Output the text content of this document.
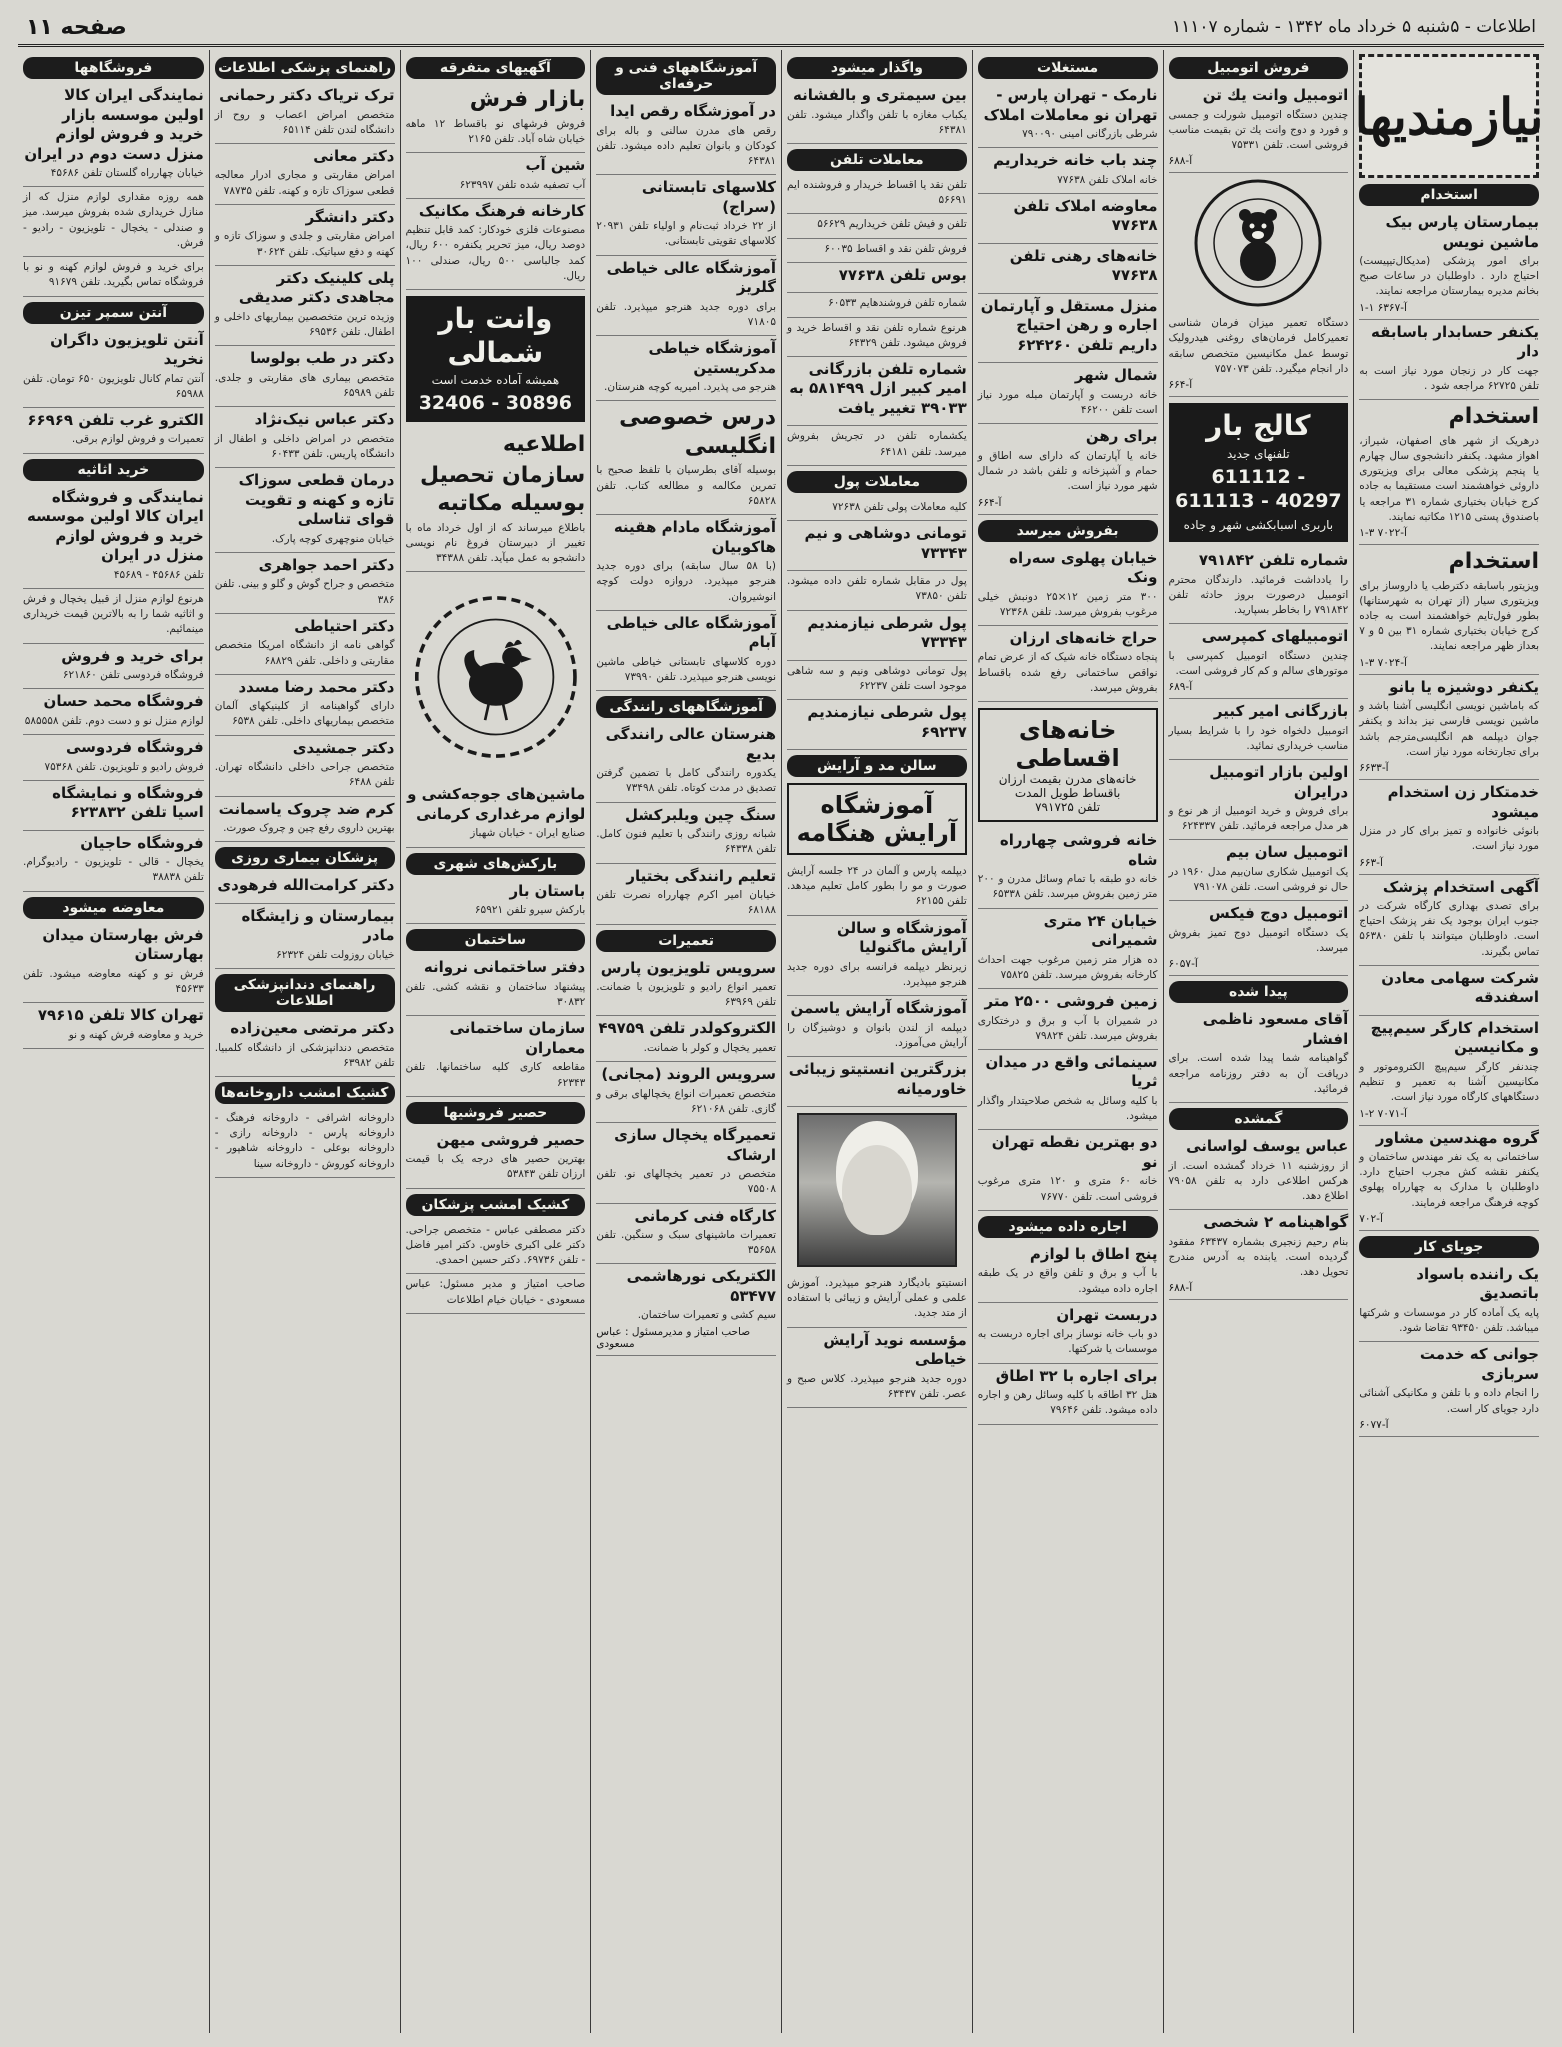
صفحه ۱۱	اطلاعات - ۵شنبه ۵ خرداد ماه ۱۳۴۲ - شماره ۱۱۱۰۷
نیازمندیها
استخدام
بیمارستان پارس بیک ماشین نویس

برای امور پزشکی (مدیکال‌تیپیست) احتیاج دارد . داوطلبان در ساعات صبح بخانم مدیره بیمارستان مراجعه نمایند.

۱-۱ آ-۶۳۶۷
یکنفر حسابدار باسابقه دار

جهت کار در زنجان مورد نیاز است به تلفن ۶۲۷۲۵ مراجعه شود .

استخدام

درهریک از شهر های اصفهان، شیراز، اهواز مشهد. یکنفر دانشجوی سال چهارم یا پنجم پزشکی معالی برای ویزیتوری دارو‌ئی خواهشمند است مستقیما به جاده کرج خیابان بختیاری شماره ۳۱ مراجعه یا باصندوق پستی ۱۲۱۵ مکاتبه نمایند.

۱-۳ آ-۷۰۲۲
استخدام

ویزیتور باسابقه دکترطب یا داروساز برای ویزیتوری سیار (از تهران به شهرستانها) بطور فول‌تایم خواهشمند است به جاده کرج خیابان بختیاری شماره ۳۱ بین ۵ و ۷ بعداز ظهر مراجعه نمایند.

۱-۳ آ-۷۰۲۴
یکنفر دوشیزه یا بانو

که باماشین نویسی انگلیسی آشنا باشد و ماشین نویسی فارسی نیز بداند و یکنفر جوان دیپلمه هم انگلیسی‌مترجم باشد برای تجارتخانه مورد نیاز است.

آ-۶۶۳۳
خدمتکار زن استخدام میشود

بانوئی خانواده و تمیز برای کار در منزل مورد نیاز است.

آ-۶۶۳
آگهی استخدام پزشک

برای تصدی بهداری کارگاه شرکت در جنوب ایران بوجود یک نفر پزشک احتیاج است. داوطلبان میتوانند با تلفن ۵۶۳۸۰ تماس بگیرند.

شرکت سهامی معادن اسفندقه
استخدام کارگر سیم‌پیچ و مکانیسین

چندنفر کارگر سیم‌پیچ الکتروموتور و مکانیسین آشنا به تعمیر و تنظیم دستگاههای کارگاه مورد نیاز است.

۱-۲ آ-۷۰۷۱
گروه مهندسین مشاور

ساختمانی به یک نفر مهندس ساختمان و یکنفر نقشه کش مجرب احتیاج دارد. داوطلبان با مدارک به چهارراه پهلوی کوچه فرهنگ مراجعه فرمایند.

آ-۷۰۲
جویای کار
یک راننده باسواد با‌تصدیق

پایه یک آماده کار در موسسات و شرکتها میباشد. تلفن ۹۳۴۵۰ تقاضا شود.

جوانی که خدمت سربازی

را انجام داده و با تلفن و مکانیکی آشنائی دارد جویای کار است.

آ-۶۰۷۷
فروش اتومبیل
اتومبیل وانت یك تن

چندین دستگاه اتومبیل شورلت و جمسی و فورد و دوج وانت یك تن بقیمت مناسب فروشی است. تلفن ۷۵۳۳۱

آ-۶۸۸

دستگاه تعمیر میزان فرمان شناسی تعمیرکامل فرمان‌های روغنی هیدرولیک توسط عمل مکانیسین متخصص سابقه دار انجام میگیرد. تلفن ۷۵۷۰۷۳

آ-۶۶۴
کالج بار
تلفنهای جدید
611112 - 611113 - 40297
باربری اسبابکشی شهر و جاده
شماره تلفن ۷۹۱۸۴۲

را یادداشت فرمائید. دارندگان محترم اتومبیل درصورت بروز حادثه تلفن ۷۹۱۸۴۲ را بخاطر بسپارید.

اتومبیلهای کمپرسی

چندین دستگاه اتومبیل کمپرسی با موتور‌های سالم و کم کار فروشی است.

آ-۶۸۹
بازرگانی امیر کبیر

اتومبیل دلخواه خود را با شرایط بسیار مناسب خریداری نمائید.

اولین بازار اتومبیل درایران

برای فروش و خرید اتومبیل از هر نوع و هر مدل مراجعه فرمائید. تلفن ۶۲۴۳۳۷

اتومبیل سان بیم

یک اتومبیل شکاری سان‌بیم مدل ۱۹۶۰ در حال نو فروشی است. تلفن ۷۹۱۰۷۸

اتومبیل دوج فیکس

یک دستگاه اتومبیل دوج تمیز بفروش میرسد.

آ-۶۰۵۷
پیدا شده
آقای مسعود ناظمی افشار

گواهینامه شما پیدا شده است. برای دریافت آن به دفتر روزنامه مراجعه فرمائید.

گمشده
عباس یوسف لواسانی

از روزشنبه ۱۱ خرداد گمشده است. از هرکس اطلاعی دارد به تلفن ۷۹۰۵۸ اطلاع دهد.

گواهینامه ۲ شخصی

بنام رحیم زنجیری بشماره ۶۳۴۳۷ مفقود گردیده است. یابنده به آدرس مندرج تحویل دهد.

آ-۶۸۸
مستغلات
نارمک - تهران پارس - تهران نو معاملات املاک

شرطی بازرگانی امینی ۷۹۰۰۹۰

چند باب خانه خریداریم

خانه املاک تلفن ۷۷۶۳۸

معاوضه املاک تلفن ۷۷۶۳۸
خانه‌های رهنی تلفن ۷۷۶۳۸
منزل مستقل و آپارتمان اجاره و رهن احتیاج داریم تلفن ۶۲۴۲۶۰
شمال شهر

خانه دربست و آپارتمان مبله مورد نیاز است تلفن ۴۶۲۰۰

برای رهن

خانه یا آپارتمان که دارای سه اطاق و حمام و آشپزخانه و تلفن باشد در شمال شهر مورد نیاز است.

آ-۶۶۴
بفروش میرسد
خیابان پهلوی سه‌راه ونک

۳۰۰ متر زمین ۱۲×۲۵ دونبش خیلی مرغوب بفروش میرسد. تلفن ۷۲۳۶۸

حراج خانه‌های ارزان

پنجاه دستگاه خانه شیک که از عرض تمام نواقص ساختمانی رفع شده باقساط بفروش میرسد.

خانه‌های اقساطی
خانه‌های مدرن بقیمت ارزان باقساط طویل المدت
تلفن ۷۹۱۷۲۵
خانه فروشی چهارراه شاه

خانه دو طبقه با تمام وسائل مدرن و ۲۰۰ متر زمین بفروش میرسد. تلفن ۶۵۳۳۸

خیابان ۲۴ متری شمیرانی

ده هزار متر زمین مرغوب جهت احداث کارخانه بفروش میرسد. تلفن ۷۵۸۲۵

زمین فروشی ۲۵۰۰ متر

در شمیران با آب و برق و درختکاری بفروش میرسد. تلفن ۷۹۸۲۴

سینمائی واقع در میدان ثریا

با کلیه وسائل به شخص صلاحیتدار واگذار میشود.

دو بهترین نقطه تهران نو

خانه ۶۰ متری و ۱۲۰ متری مرغوب فروشی است. تلفن ۷۶۷۷۰

اجاره داده میشود
پنج اطاق با لوازم

با آب و برق و تلفن واقع در یک طبقه اجاره داده میشود.

دربست تهران

دو باب خانه نوساز برای اجاره دربست به موسسات یا شرکتها.

برای اجاره با ۳۲ اطاق

هتل ۳۲ اطاقه با کلیه وسائل رهن و اجاره داده میشود. تلفن ۷۹۶۴۶

واگذار میشود
بین سیمتری و بالفشانه

یکباب مغازه با تلفن واگذار میشود. تلفن ۶۴۳۸۱

معاملات تلفن

تلفن نقد یا اقساط خریدار و فروشنده ایم ۵۶۶۹۱

تلفن و فیش تلفن خریداریم ۵۶۶۲۹

فروش تلفن نقد و اقساط ۶۰۰۳۵

بوس تلفن ۷۷۶۳۸

شماره تلفن فروشندهایم ۶۰۵۳۳

هرنوع شماره تلفن نقد و اقساط خرید و فروش میشود. تلفن ۶۴۳۲۹

شماره تلفن بازرگانی امیر کبیر ازل ۵۸۱۴۹۹ به ۳۹۰۳۳ تغییر یافت

یکشماره تلفن در تجریش بفروش میرسد. تلفن ۶۴۱۸۱

معاملات پول

کلیه معاملات پولی تلفن ۷۲۶۳۸

تومانی دوشاهی و نیم ۷۳۳۴۳

پول در مقابل شماره تلفن داده میشود. تلفن ۷۳۸۵۰

پول شرطی نیازمندیم ۷۳۳۴۳

پول تومانی دوشاهی ونیم و سه شاهی موجود است تلفن ۶۲۲۳۷

پول شرطی نیازمندیم ۶۹۲۳۷
سالن مد و آرایش
آموزشگاه آرایش هنگامه

دیپلمه پارس و آلمان در ۲۴ جلسه آرایش صورت و مو را بطور کامل تعلیم میدهد. تلفن ۶۲۱۵۵

آموزشگاه و سالن آرایش ماگنولیا

زیرنظر دیپلمه فرانسه برای دوره جدید هنرجو میپذیرد.

آموزشگاه آرایش یاسمن

دیپلمه از لندن بانوان و دوشیزگان را آرایش می‌آموزد.

بزرگترین انستیتو زیبائی خاورمیانه

انستیتو بادیگارد هنرجو میپذیرد. آموزش علمی و عملی آرایش و زیبائی با استفاده از متد جدید.

مؤسسه نوید آرایش خیاطی

دوره جدید هنرجو میپذیرد. کلاس صبح و عصر. تلفن ۶۳۴۳۷

آموزشگاههای فنی و حرفه‌ای
در آموزشگاه رقص ایدا

رقص های مدرن سالنی و باله برای کودکان و بانوان تعلیم داده میشود. تلفن ۶۴۳۸۱

کلاسهای تابستانی (سراج)

از ۲۲ خرداد ثبت‌نام و اولیاء تلفن ۲۰۹۳۱ کلاسهای تقویتی تابستانی.

آموزشگاه عالی خیاطی گلریز

برای دوره جدید هنرجو میپذیرد. تلفن ۷۱۸۰۵

آموزشگاه خیاطی مدکریستین

هنرجو می پذیرد. امیریه کوچه هنرستان.

درس خصوصی انگلیسی

بوسیله آقای بطرسیان با تلفظ صحیح با تمرین مکالمه و مطالعه کتاب. تلفن ۶۵۸۲۸

آموزشگاه مادام هقینه هاکوبیان

(با ۵۸ سال سابقه) برای دوره جدید هنرجو میپذیرد. دروازه دولت کوچه انوشیروان.

آموزشگاه عالی خیاطی آبام

دوره کلاسهای تابستانی خیاطی ماشین نویسی هنرجو میپذیرد. تلفن ۷۳۹۹۰

آموزشگاههای رانندگی
هنرستان عالی رانندگی بدیع

یکدوره رانندگی کامل با تضمین گرفتن تصدیق در مدت کوتاه. تلفن ۷۳۴۹۸

سنگ چین ویلبرکشل

شبانه روزی رانندگی با تعلیم فنون کامل. تلفن ۶۴۳۳۸

تعلیم رانندگی بختیار

خیابان امیر اکرم چهارراه نصرت تلفن ۶۸۱۸۸

تعمیرات
سرویس تلویزیون پارس

تعمیر انواع رادیو و تلویزیون با ضمانت. تلفن ۶۳۹۶۹

الکتروکولدر تلفن ۴۹۷۵۹

تعمیر یخچال و کولر با ضمانت.

سرویس الروند (مجانی)

متخصص تعمیرات انواع یخچالهای برقی و گازی. تلفن ۶۲۱۰۶۸

تعمیرگاه یخچال سازی ارشاک

متخصص در تعمیر یخچالهای نو. تلفن ۷۵۵۰۸

کارگاه فنی کرمانی

تعمیرات ماشینهای سبک و سنگین. تلفن ۳۵۶۵۸

الکتریکی نورهاشمی ۵۳۴۷۷

سیم کشی و تعمیرات ساختمان.

صاحب امتیاز و مدیرمسئول : عباس مسعودی
آگهیهای متفرقه
بازار فرش

فروش فرشهای نو باقساط ۱۲ ماهه خیابان شاه آباد. تلفن ۲۱۶۵

شین آب

آب تصفیه شده تلفن ۶۲۳۹۹۷

کارخانه فرهنگ مکانیک

مصنوعات فلزی خودکار: کمد قابل تنظیم دوصد ریال، میز تحریر یکنفره ۶۰۰ ریال، کمد جالباسی ۵۰۰ ریال، صندلی ۱۰۰ ریال.

وانت بار شمالی
همیشه آماده خدمت است
32406 - 30896
اطلاعیه
سازمان تحصیل بوسیله مکاتبه

باطلاع میرساند که از اول خرداد ماه با تغییر از دبیرستان فروغ نام نویسی دانشجو به عمل میآید. تلفن ۳۴۳۸۸

ماشین‌های جوجه‌کشی و لوازم مرغداری کرمانی

صنایع ایران - خیابان شهباز

بارکش‌های شهری
باستان بار

بارکش سیرو تلفن ۶۵۹۲۱

ساختمان
دفتر ساختمانی نروانه

پیشنهاد ساختمان و نقشه کشی. تلفن ۳۰۸۳۲

سازمان ساختمانی معماران

مقاطعه کاری کلیه ساختمانها. تلفن ۶۲۳۴۳

حصیر فروشیها
حصیر فروشی میهن

بهترین حصیر های درجه یک با قیمت ارزان تلفن ۵۳۸۴۳

کشیک امشب پزشکان

دکتر مصطفی عباس - متخصص جراحی. دکتر علی اکبری خاوس. دکتر امیر فاضل - تلفن ۶۹۷۳۶. دکتر حسین احمدی.

صاحب امتیاز و مدیر مسئول: عباس مسعودی - خیابان خیام اطلاعات

راهنمای پزشکی اطلاعات
ترک تریاک دکتر رحمانی

متخصص امراض اعصاب و روح از دانشگاه لندن تلفن ۶۵۱۱۴

دکتر معانی

امراض مقاربتی و مجاری ادرار معالجه قطعی سوزاک تازه و کهنه. تلفن ۷۸۷۳۵

دکتر دانشگر

امراض مقاربتی و جلدی و سوزاک تازه و کهنه و دفع سیاتیک. تلفن ۳۰۶۲۴

پلی کلینیک دکتر مجاهدی دکتر صدیقی

وزیده ترین متخصصین بیماریهای داخلی و اطفال. تلفن ۶۹۵۳۶

دکتر در طب بولوسا

متخصص بیماری های مقاربتی و جلدی. تلفن ۶۵۹۸۹

دکتر عباس نیک‌نژاد

متخصص در امراض داخلی و اطفال از دانشگاه پاریس. تلفن ۶۰۴۳۳

درمان قطعی سوزاک تازه و کهنه و تقویت قوای تناسلی

خیابان منوچهری کوچه پارک.

دکتر احمد جواهری

متخصص و جراح گوش و گلو و بینی. تلفن ۳۸۶

دکتر احتیاطی

گواهی نامه از دانشگاه امریکا متخصص مقاربتی و داخلی. تلفن ۶۸۸۲۹

دکتر محمد رضا مسدد

دارای گواهینامه از کلینیکهای آلمان متخصص بیماریهای داخلی. تلفن ۶۵۳۸

دکتر جمشیدی

متخصص جراحی داخلی دانشگاه تهران. تلفن ۶۴۸۸

کرم ضد چروک یاسمانت

بهترین داروی رفع چین و چروک صورت.

پزشکان بیماری روزی
دکتر کرامت‌الله فرهودی
بیمارستان و زایشگاه مادر

خیابان روزولت تلفن ۶۲۳۲۴

راهنمای دندانپزشکی اطلاعات
دکتر مرتضی معین‌زاده

متخصص دندانپزشکی از دانشگاه کلمبیا. تلفن ۶۳۹۸۲

کشیک امشب داروخانه‌ها

داروخانه اشرافی - داروخانه فرهنگ - داروخانه پارس - داروخانه رازی - داروخانه بوعلی - داروخانه شاهپور - داروخانه کوروش - داروخانه سینا

فروشگاهها
نمایندگی ایران کالا اولین موسسه بازار خرید و فروش لوازم منزل دست دوم در ایران

خیابان چهارراه گلستان تلفن ۴۵۶۸۶

همه روزه مقداری لوازم منزل که از منازل خریداری شده بفروش میرسد. میز و صندلی - یخچال - تلویزیون - رادیو - فرش.

برای خرید و فروش لوازم کهنه و نو با فروشگاه تماس بگیرید. تلفن ۹۱۶۷۹

آنتن سمپر تیزن
آنتن تلویزیون داگران نخرید

آنتن تمام کانال تلویزیون ۶۵۰ تومان. تلفن ۶۵۹۸۸

الکترو غرب تلفن ۶۶۹۶۹

تعمیرات و فروش لوازم برقی.

خرید اثاثیه
نمایندگی و فروشگاه ایران کالا اولین موسسه خرید و فروش لوازم منزل در ایران

تلفن ۴۵۶۸۶ - ۴۵۶۸۹

هرنوع لوازم منزل از قبیل یخچال و فرش و اثاثیه شما را به بالاترین قیمت خریداری مینمائیم.

برای خرید و فروش

فروشگاه فردوسی تلفن ۶۲۱۸۶۰

فروشگاه محمد حسان

لوازم منزل نو و دست دوم. تلفن ۵۸۵۵۵۸

فروشگاه فردوسی

فروش رادیو و تلویزیون. تلفن ۷۵۳۶۸

فروشگاه و نمایشگاه اسیا تلفن ۶۲۳۸۳۲
فروشگاه حاجیان

یخچال - قالی - تلویزیون - رادیوگرام. تلفن ۳۸۸۳۸

معاوضه میشود
فرش بهارستان میدان بهارستان

فرش نو و کهنه معاوضه میشود. تلفن ۴۵۶۳۳

تهران کالا تلفن ۷۹۶۱۵

خرید و معاوضه فرش کهنه و نو
